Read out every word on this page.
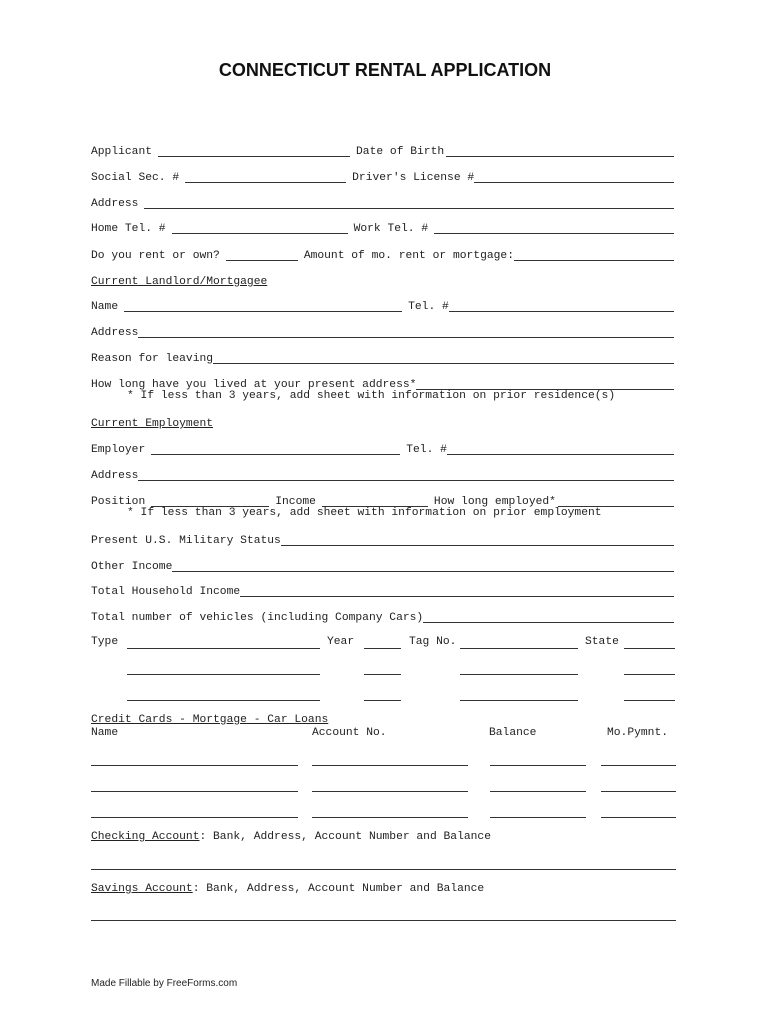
CONNECTICUT RENTAL APPLICATION
Applicant	Date of Birth
Social Sec. #	Driver's License #
Address
Home Tel. #	Work Tel. #
Do you rent or own?	Amount of mo. rent or mortgage:
Current Landlord/Mortgagee
Name	Tel. #
Address
Reason for leaving
How long have you lived at your present address*
* If less than 3 years, add sheet with information on prior residence(s)
Current Employment
Employer	Tel. #
Address
Position	Income	How long employed*
* If less than 3 years, add sheet with information on prior employment
Present U.S. Military Status
Other Income
Total Household Income
Total number of vehicles (including Company Cars)
Type	Year	Tag No.	State
Credit Cards - Mortgage - Car Loans
Name	Account No.	Balance	Mo.Pymnt.
Checking Account: Bank, Address, Account Number and Balance
Savings Account: Bank, Address, Account Number and Balance
Made Fillable by FreeForms.com
